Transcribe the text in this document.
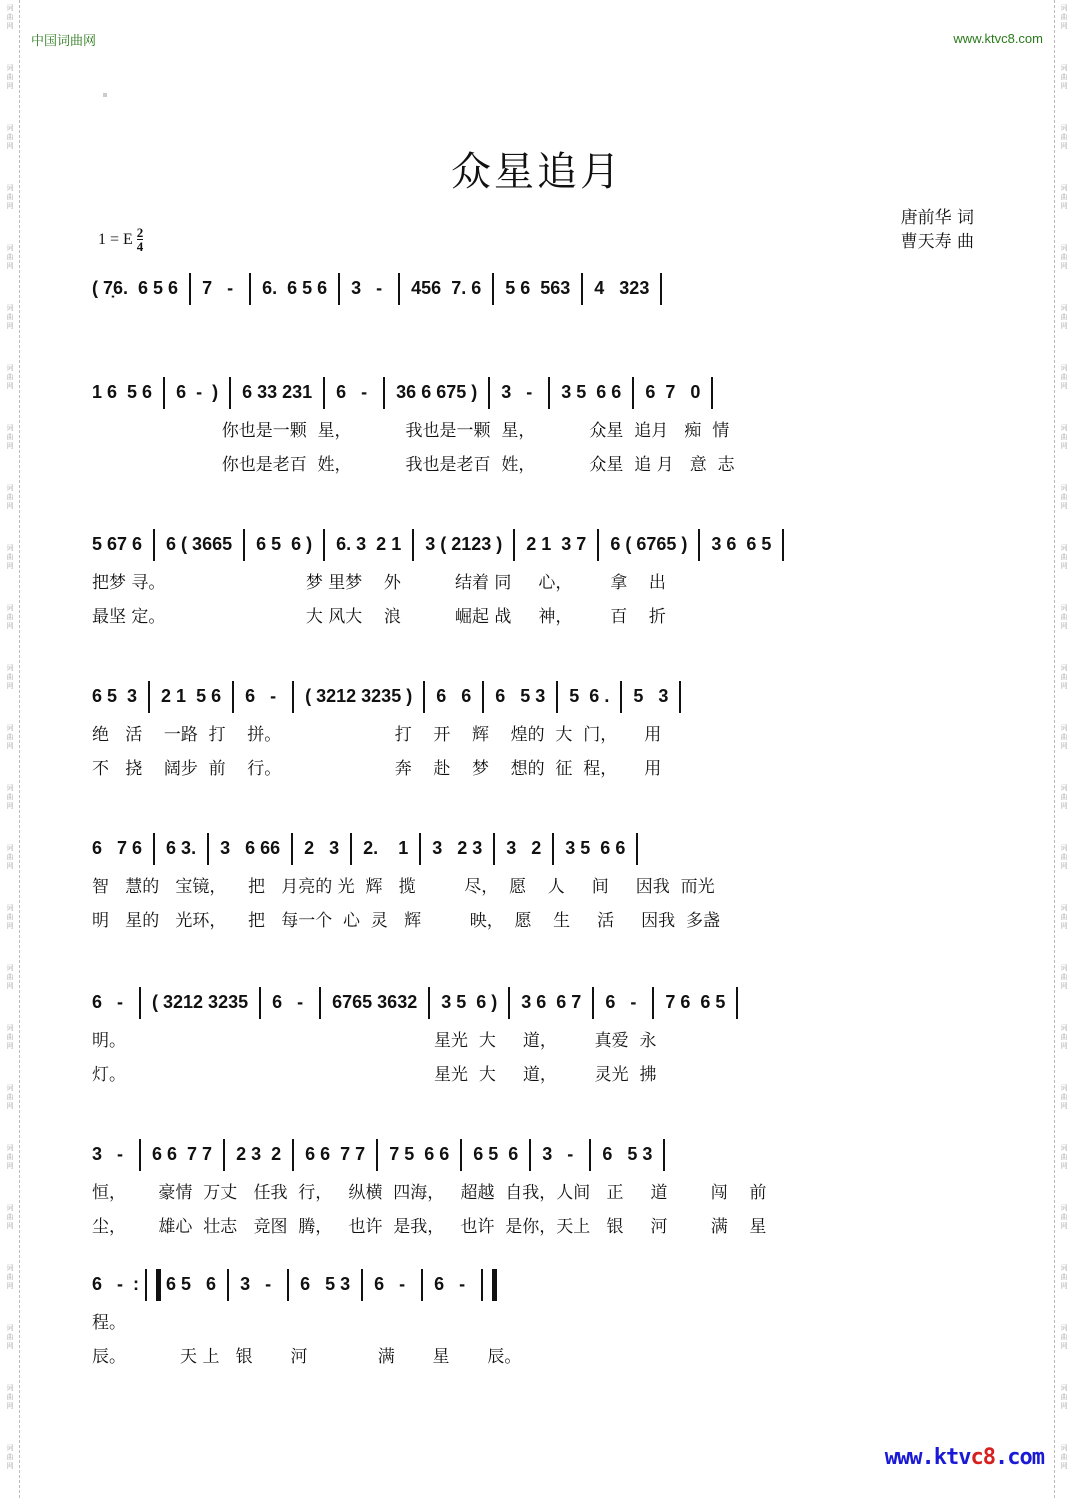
词
曲
网
词
曲
网
词
曲
网
词
曲
网
词
曲
网
词
曲
网
词
曲
网
词
曲
网
词
曲
网
词
曲
网
词
曲
网
词
曲
网
词
曲
网
词
曲
网
词
曲
网
词
曲
网
词
曲
网
词
曲
网
词
曲
网
词
曲
网
词
曲
网
词
曲
网
词
曲
网
词
曲
网
词
曲
网
词
曲
网
词
曲
网
词
曲
网
词
曲
网
词
曲
网
词
曲
网
词
曲
网
词
曲
网
词
曲
网
词
曲
网
词
曲
网
词
曲
网
词
曲
网
词
曲
网
词
曲
网
词
曲
网
词
曲
网
词
曲
网
词
曲
网
词
曲
网
词
曲
网
词
曲
网
词
曲
网
词
曲
网
词
曲
网
中国词曲网	www.ktvc8.com
众星追月
唐前华 词
曹天寿 曲
1 = E $\frac{2}{4}$
( 7̣6.  6 5 6  7   -   6.  6 5 6  3   -   456  7. 6  5 6  563  4   323
1 6  5 6  6  -  )  6 33 231  6   -   36 6 675 )  3   -   3 5  6 6  6  7   0
你也是一颗  星，          我也是一颗  星，          众星  追月   痴  情
你也是老百  姓，          我也是老百  姓，          众星  追 月   意  志
5 67 6  6 ( 3665  6 5  6 )  6. 3  2 1  3 ( 2123 )  2 1  3 7  6 ( 6765 )  3 6  6 5
把梦 寻。                          梦 里梦    外          结着 同     心，       拿    出
最坚 定。                          大 风大    浪          崛起 战     神，       百    折
6 5  3  2 1  5 6  6   -   ( 3212 3235 )  6   6  6   5 3  5  6 .  5   3
绝   活    一路  打    拼。                     打    开    辉    煌的  大  门，     用
不   挠    阔步  前    行。                     奔    赴    梦    想的  征  程，     用
6   7 6  6 3.  3   6 66  2   3  2.    1  3   2 3  3   2  3 5  6 6
智   慧的   宝镜，    把   月亮的 光  辉   揽         尽，  愿    人     间     因我  而光
明   星的   光环，    把   每一个  心  灵   辉         映，  愿    生     活     因我  多盏
6   -   ( 3212 3235  6   -   6765 3632  3 5  6 )  3 6  6 7  6   -   7 6  6 5
明。                                                         星光  大     道，       真爱  永
灯。                                                         星光  大     道，       灵光  拂
3   -   6 6  7 7  2 3  2  6 6  7 7  7 5  6 6  6 5  6  3   -   6   5 3
恒，      豪情  万丈   任我  行，   纵横  四海，   超越  自我，人间   正     道        闯    前
尘，      雄心  壮志   竞图  腾，   也许  是我，   也许  是你，天上   银     河        满    星
6   -  : 6 5   6  3   -   6   5 3  6   -   6   -
程。
辰。          天 上   银       河             满       星       辰。
www.ktvc8.com
